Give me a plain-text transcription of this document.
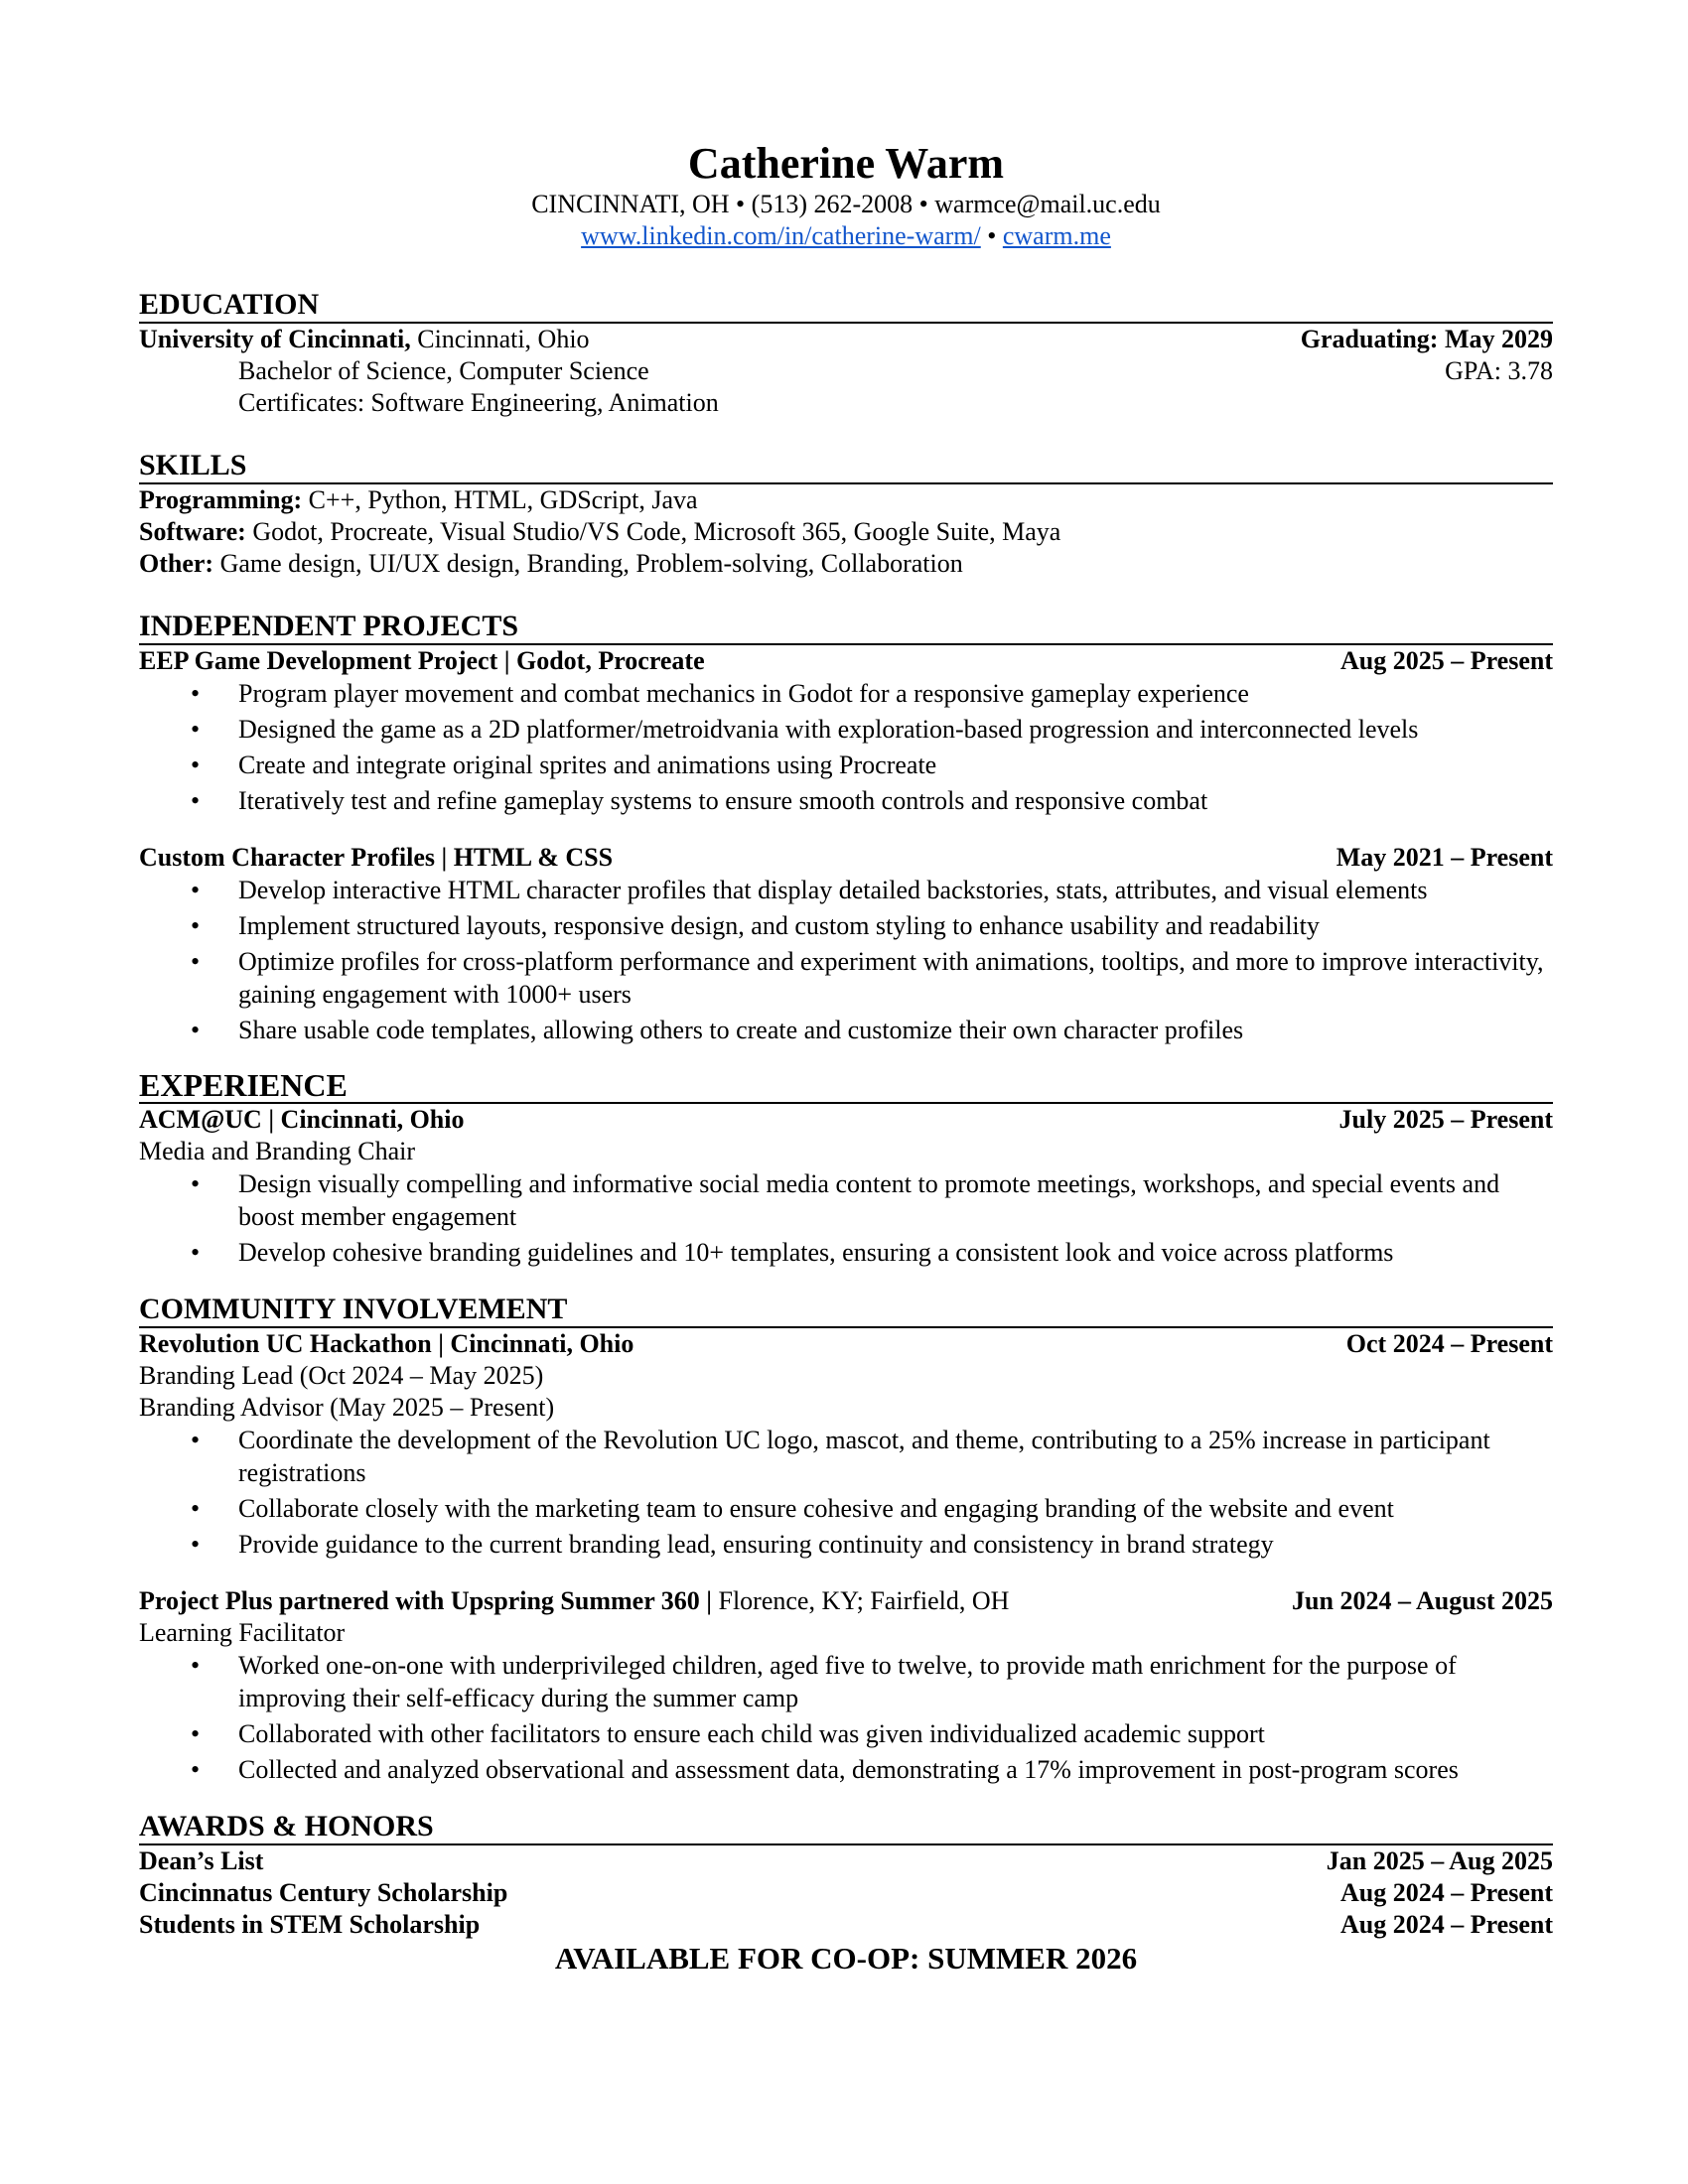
Catherine Warm
CINCINNATI, OH • (513) 262-2008 • warmce@mail.uc.edu
www.linkedin.com/in/catherine-warm/ • cwarm.me
EDUCATION
University of Cincinnati, Cincinnati, Ohio	Graduating: May 2029
Bachelor of Science, Computer Science	GPA: 3.78
Certificates: Software Engineering, Animation
SKILLS
Programming: C++, Python, HTML, GDScript, Java
Software: Godot, Procreate, Visual Studio/VS Code, Microsoft 365, Google Suite, Maya
Other: Game design, UI/UX design, Branding, Problem-solving, Collaboration
INDEPENDENT PROJECTS
EEP Game Development Project | Godot, Procreate	Aug 2025 – Present
• Program player movement and combat mechanics in Godot for a responsive gameplay experience
• Designed the game as a 2D platformer/metroidvania with exploration-based progression and interconnected levels
• Create and integrate original sprites and animations using Procreate
• Iteratively test and refine gameplay systems to ensure smooth controls and responsive combat
Custom Character Profiles | HTML & CSS	May 2021 – Present
• Develop interactive HTML character profiles that display detailed backstories, stats, attributes, and visual elements
• Implement structured layouts, responsive design, and custom styling to enhance usability and readability
• Optimize profiles for cross-platform performance and experiment with animations, tooltips, and more to improve interactivity, gaining engagement with 1000+ users
• Share usable code templates, allowing others to create and customize their own character profiles
EXPERIENCE
ACM@UC | Cincinnati, Ohio	July 2025 – Present
Media and Branding Chair
• Design visually compelling and informative social media content to promote meetings, workshops, and special events and boost member engagement
• Develop cohesive branding guidelines and 10+ templates, ensuring a consistent look and voice across platforms
COMMUNITY INVOLVEMENT
Revolution UC Hackathon | Cincinnati, Ohio	Oct 2024 – Present
Branding Lead (Oct 2024 – May 2025)
Branding Advisor (May 2025 – Present)
• Coordinate the development of the Revolution UC logo, mascot, and theme, contributing to a 25% increase in participant registrations
• Collaborate closely with the marketing team to ensure cohesive and engaging branding of the website and event
• Provide guidance to the current branding lead, ensuring continuity and consistency in brand strategy
Project Plus partnered with Upspring Summer 360 | Florence, KY; Fairfield, OH	Jun 2024 – August 2025
Learning Facilitator
• Worked one-on-one with underprivileged children, aged five to twelve, to provide math enrichment for the purpose of improving their self-efficacy during the summer camp
• Collaborated with other facilitators to ensure each child was given individualized academic support
• Collected and analyzed observational and assessment data, demonstrating a 17% improvement in post-program scores
AWARDS & HONORS
Dean’s List	Jan 2025 – Aug 2025
Cincinnatus Century Scholarship	Aug 2024 – Present
Students in STEM Scholarship	Aug 2024 – Present
AVAILABLE FOR CO-OP: SUMMER 2026
